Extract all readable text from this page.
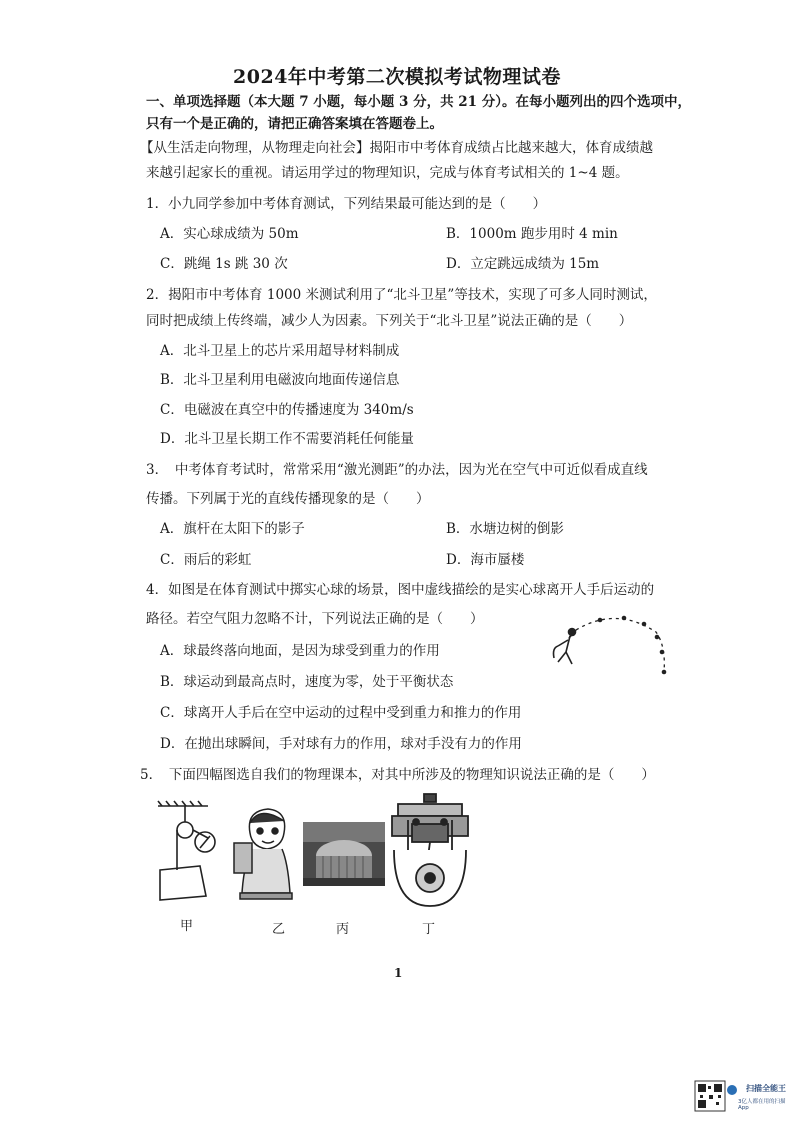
2024年中考第二次模拟考试物理试卷
一、单项选择题（本大题 7 小题，每小题 3 分，共 21 分）。在每小题列出的四个选项中，
只有一个是正确的，请把正确答案填在答题卷上。
【从生活走向物理，从物理走向社会】揭阳市中考体育成绩占比越来越大，体育成绩越
来越引起家长的重视。请运用学过的物理知识，完成与体育考试相关的 1~4 题。
1．小九同学参加中考体育测试，下列结果最可能达到的是（　　）
A．实心球成绩为 50m	B．1000m 跑步用时 4 min
C．跳绳 1s 跳 30 次	D．立定跳远成绩为 15m
2．揭阳市中考体育 1000 米测试利用了“北斗卫星”等技术，实现了可多人同时测试，
同时把成绩上传终端，减少人为因素。下列关于“北斗卫星”说法正确的是（　　）
A．北斗卫星上的芯片采用超导材料制成
B．北斗卫星利用电磁波向地面传递信息
C．电磁波在真空中的传播速度为 340m/s
D．北斗卫星长期工作不需要消耗任何能量
3．　中考体育考试时，常常采用“激光测距”的办法，因为光在空气中可近似看成直线
传播。下列属于光的直线传播现象的是（　　）
A．旗杆在太阳下的影子	B．水塘边树的倒影
C．雨后的彩虹	D．海市蜃楼
4．如图是在体育测试中掷实心球的场景，图中虚线描绘的是实心球离开人手后运动的
路径。若空气阻力忽略不计，下列说法正确的是（　　）
A．球最终落向地面，是因为球受到重力的作用
B．球运动到最高点时，速度为零，处于平衡状态
C．球离开人手后在空中运动的过程中受到重力和推力的作用
D．在抛出球瞬间，手对球有力的作用，球对手没有力的作用
5．　下面四幅图选自我们的物理课本，对其中所涉及的物理知识说法正确的是（　　）
甲	乙	丙	丁
1
扫描全能王
3亿人都在用的扫描App
